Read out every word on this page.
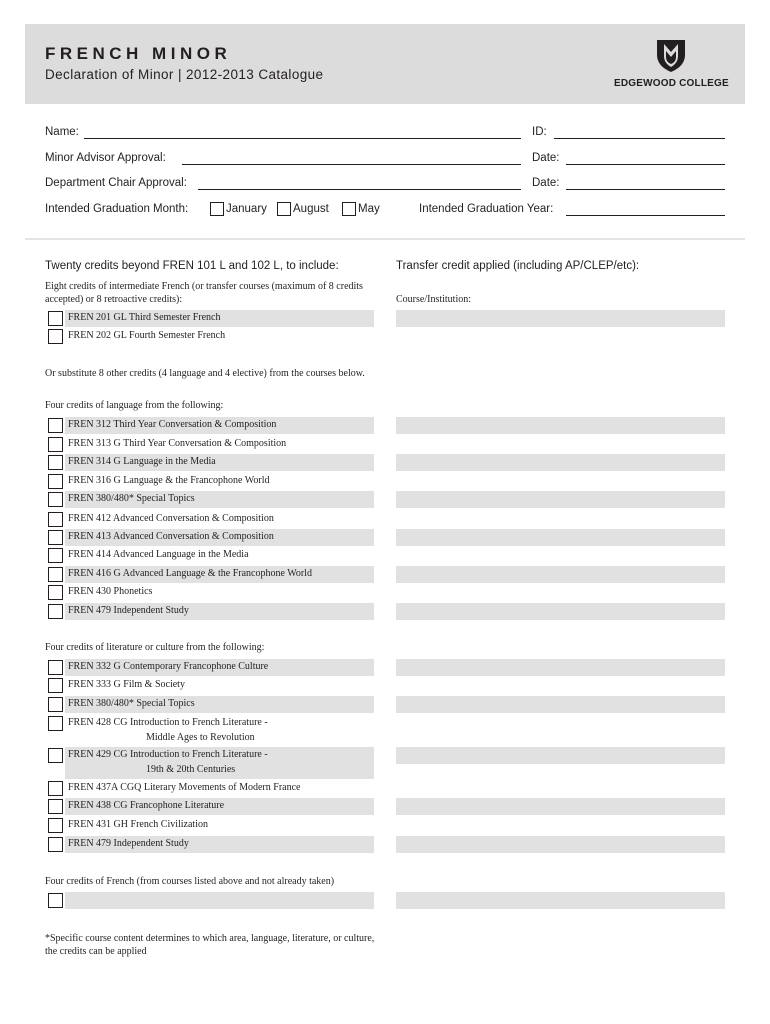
FRENCH MINOR
Declaration of Minor | 2012-2013 Catalogue
EDGEWOOD COLLEGE
Name:	ID:
Minor Advisor Approval:	Date:
Department Chair Approval:	Date:
Intended Graduation Month:	January August	May	Intended Graduation Year:
Twenty credits beyond FREN 101 L and 102 L, to include:	Transfer credit applied (including AP/CLEP/etc):
Eight credits of intermediate French (or transfer courses (maximum of 8 credits accepted) or 8 retroactive credits):	Course/Institution:
FREN 201 GL Third Semester French
FREN 202 GL Fourth Semester French
Or substitute 8 other credits (4 language and 4 elective) from the courses below.
Four credits of language from the following:
FREN 312 Third Year Conversation & Composition
FREN 313 G Third Year Conversation & Composition
FREN 314 G Language in the Media
FREN 316 G Language & the Francophone World
FREN 380/480* Special Topics
FREN 412 Advanced Conversation & Composition
FREN 413 Advanced Conversation & Composition
FREN 414 Advanced Language in the Media
FREN 416 G Advanced Language & the Francophone World
FREN 430 Phonetics
FREN 479 Independent Study
Four credits of literature or culture from the following:
FREN 332 G Contemporary Francophone Culture
FREN 333 G Film & Society
FREN 380/480* Special Topics
FREN 428 CG Introduction to French Literature -
Middle Ages to Revolution
FREN 429 CG Introduction to French Literature -
19th & 20th Centuries
FREN 437A CGQ Literary Movements of Modern France
FREN 438 CG Francophone Literature
FREN 431 GH French Civilization
FREN 479 Independent Study
Four credits of French (from courses listed above and not already taken)
*Specific course content determines to which area, language, literature, or culture, the credits can be applied
